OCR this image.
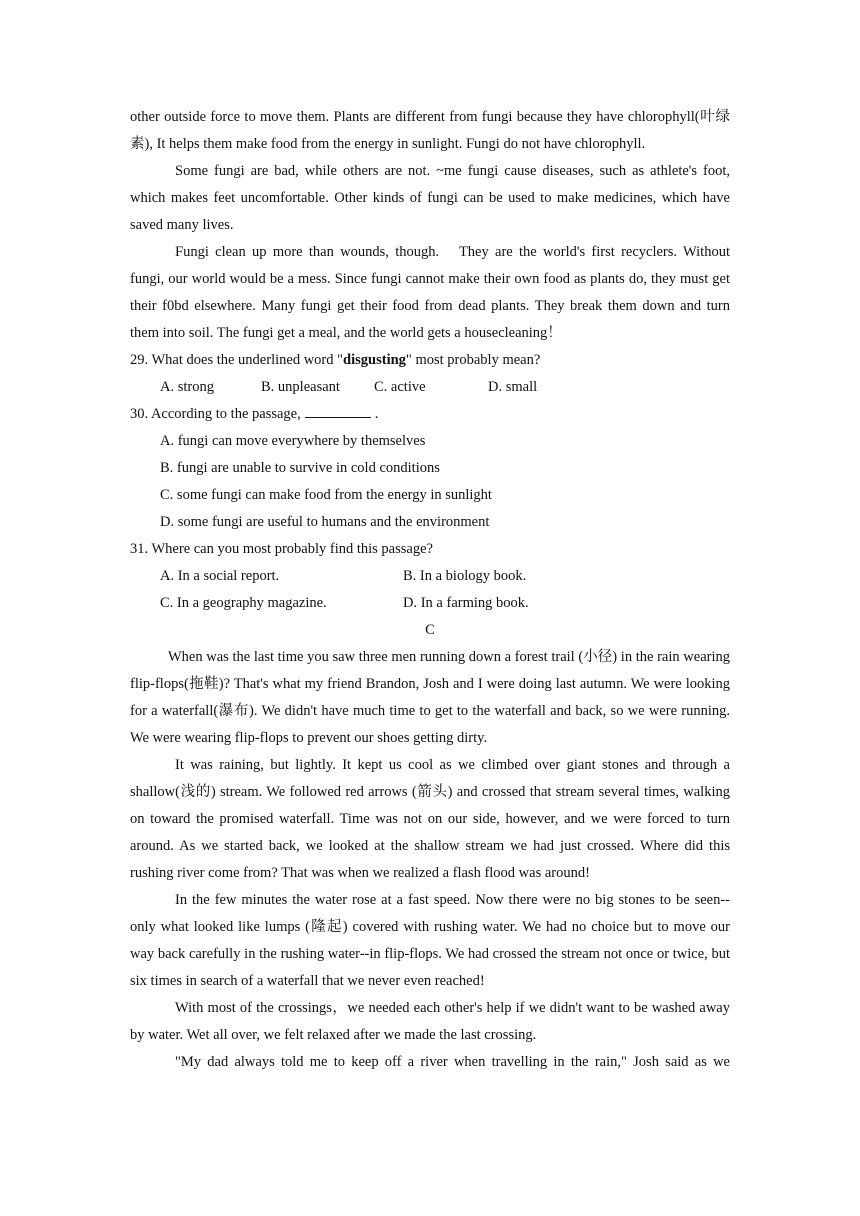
other outside force to move them. Plants are different from fungi because they have chlorophyll(叶绿素), It helps them make food from the energy in sunlight. Fungi do not have chlorophyll.

Some fungi are bad, while others are not. ~me fungi cause diseases, such as athlete's foot, which makes feet uncomfortable. Other kinds of fungi can be used to make medicines, which have saved many lives.

Fungi clean up more than wounds, though.　They are the world's first recyclers. Without fungi, our world would be a mess. Since fungi cannot make their own food as plants do, they must get their f0bd elsewhere. Many fungi get their food from dead plants. They break them down and turn them into soil. The fungi get a meal, and the world gets a housecleaning！

29. What does the underlined word "disgusting" most probably mean?
A. strong	B. unpleasant C. active	D. small
30. According to the passage,	.
A. fungi can move everywhere by themselves
B. fungi are unable to survive in cold conditions
C. some fungi can make food from the energy in sunlight
D. some fungi are useful to humans and the environment
31. Where can you most probably find this passage?
A. In a social report.	B. In a biology book.
C. In a geography magazine.	D. In a farming book.
C

When was the last time you saw three men running down a forest trail (小径) in the rain wearing flip-flops(拖鞋)? That's what my friend Brandon, Josh and I were doing last autumn. We were looking for a waterfall(瀑布). We didn't have much time to get to the waterfall and back, so we were running. We were wearing flip-flops to prevent our shoes getting dirty.

It was raining, but lightly. It kept us cool as we climbed over giant stones and through a shallow(浅的) stream. We followed red arrows (箭头) and crossed that stream several times, walking on toward the promised waterfall. Time was not on our side, however, and we were forced to turn around. As we started back, we looked at the shallow stream we had just crossed. Where did this rushing river come from? That was when we realized a flash flood was around!

In the few minutes the water rose at a fast speed. Now there were no big stones to be seen--only what looked like lumps (隆起) covered with rushing water. We had no choice but to move our way back carefully in the rushing water--in flip-flops. We had crossed the stream not once or twice, but six times in search of a waterfall that we never even reached!

With most of the crossings，we needed each other's help if we didn't want to be washed away by water. Wet all over, we felt relaxed after we made the last crossing.

"My dad always told me to keep off a river when travelling in the rain," Josh said as we
